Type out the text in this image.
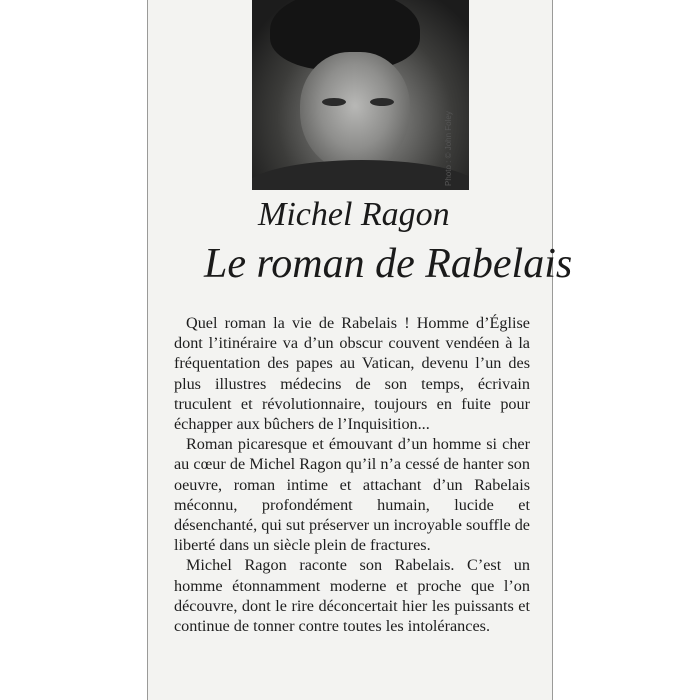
Photo : © John Foley
Michel Ragon
Le roman de Rabelais

Quel roman la vie de Rabelais ! Homme d’Église dont l’itinéraire va d’un obscur couvent vendéen à la fréquentation des papes au Vatican, devenu l’un des plus illustres médecins de son temps, écrivain truculent et révolutionnaire, toujours en fuite pour échapper aux bûchers de l’Inquisition...

Roman picaresque et émouvant d’un homme si cher au cœur de Michel Ragon qu’il n’a cessé de hanter son oeuvre, roman intime et attachant d’un Rabelais méconnu, profondément humain, lucide et désenchanté, qui sut préserver un incroyable souffle de liberté dans un siècle plein de fractures.

Michel Ragon raconte son Rabelais. C’est un homme étonnamment moderne et proche que l’on découvre, dont le rire déconcertait hier les puissants et continue de tonner contre toutes les intolérances.
